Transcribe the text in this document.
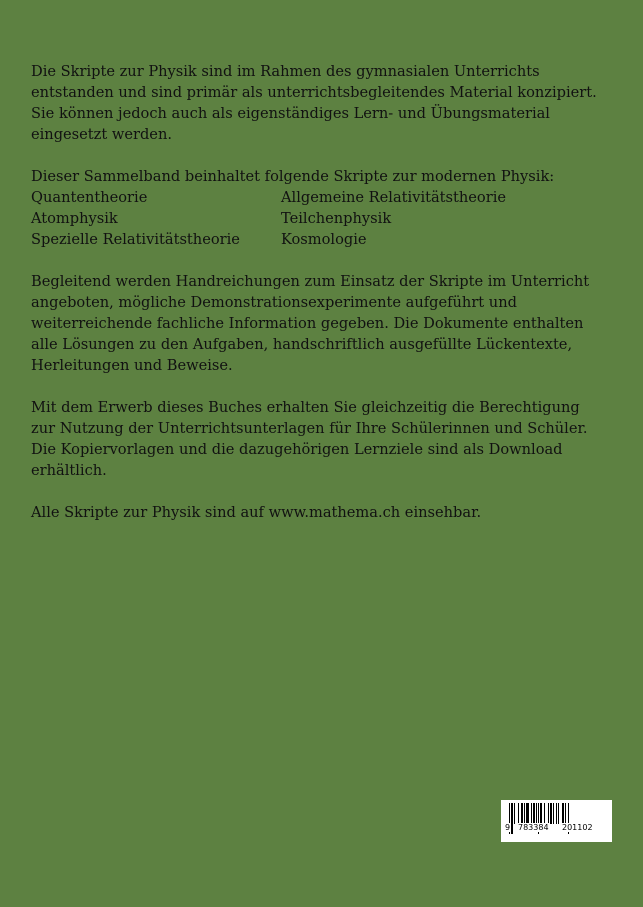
Die Skripte zur Physik sind im Rahmen des gymnasialen Unterrichts entstanden und sind primär als unterrichtsbegleitendes Material konzipiert. Sie können jedoch auch als eigenständiges Lern- und Übungsmaterial eingesetzt werden.

Dieser Sammelband beinhaltet folgende Skripte zur modernen Physik:

Quantentheorie	Allgemeine Relativitätstheorie
Atomphysik	Teilchenphysik
Spezielle Relativitätstheorie	Kosmologie

Begleitend werden Handreichungen zum Einsatz der Skripte im Unterricht angeboten, mögliche Demonstrationsexperimente aufgeführt und weiterreichende fachliche Information gegeben. Die Dokumente enthalten alle Lösungen zu den Aufgaben, handschriftlich ausgefüllte Lückentexte, Herleitungen und Beweise.

Mit dem Erwerb dieses Buches erhalten Sie gleichzeitig die Berechtigung zur Nutzung der Unterrichtsunterlagen für Ihre Schülerinnen und Schüler. Die Kopiervorlagen und die dazugehörigen Lernziele sind als Download erhältlich.

Alle Skripte zur Physik sind auf www.mathema.ch einsehbar.

9 783384 201102
